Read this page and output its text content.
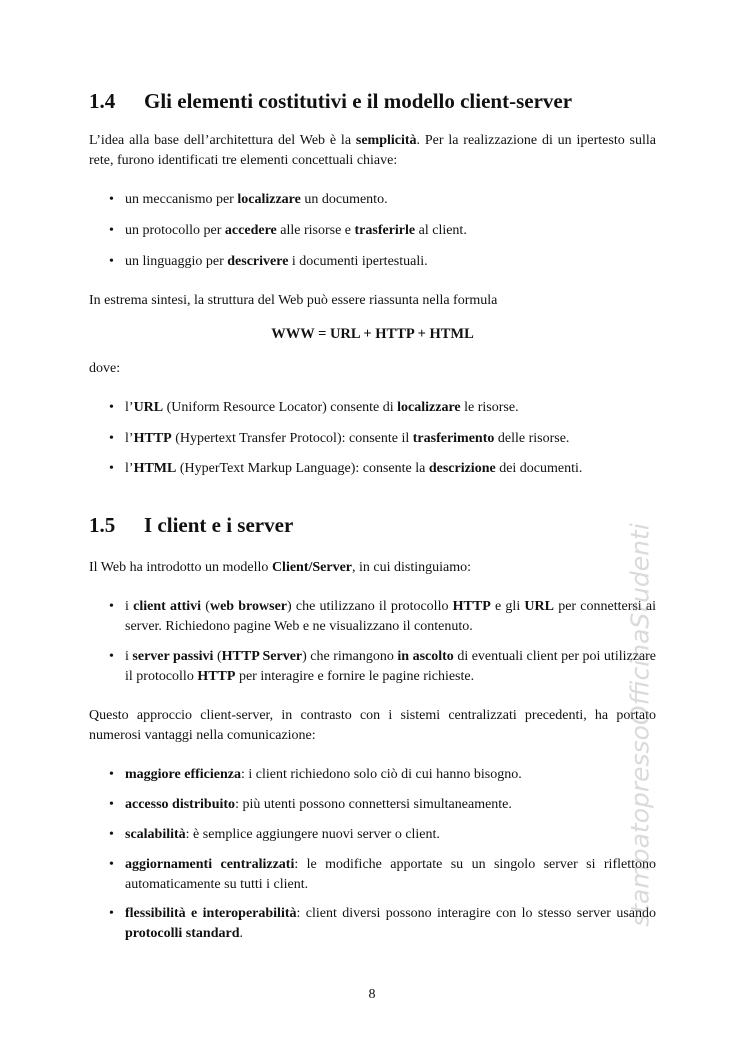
1.4 Gli elementi costitutivi e il modello client-server
L’idea alla base dell’architettura del Web è la semplicità. Per la realizzazione di un ipertesto sulla rete, furono identificati tre elementi concettuali chiave:
• un meccanismo per localizzare un documento.
• un protocollo per accedere alle risorse e trasferirle al client.
• un linguaggio per descrivere i documenti ipertestuali.
In estrema sintesi, la struttura del Web può essere riassunta nella formula
WWW = URL + HTTP + HTML
dove:
• l’URL (Uniform Resource Locator) consente di localizzare le risorse.
• l’HTTP (Hypertext Transfer Protocol): consente il trasferimento delle risorse.
• l’HTML (HyperText Markup Language): consente la descrizione dei documenti.
1.5 I client e i server
Il Web ha introdotto un modello Client/Server, in cui distinguiamo:
• i client attivi (web browser) che utilizzano il protocollo HTTP e gli URL per connettersi ai server. Richiedono pagine Web e ne visualizzano il contenuto.
• i server passivi (HTTP Server) che rimangono in ascolto di eventuali client per poi utilizzare il protocollo HTTP per interagire e fornire le pagine richieste.
Questo approccio client-server, in contrasto con i sistemi centralizzati precedenti, ha portato numerosi vantaggi nella comunicazione:
• maggiore efficienza: i client richiedono solo ciò di cui hanno bisogno.
• accesso distribuito: più utenti possono connettersi simultaneamente.
• scalabilità: è semplice aggiungere nuovi server o client.
• aggiornamenti centralizzati: le modifiche apportate su un singolo server si riflettono automaticamente su tutti i client.
• flessibilità e interoperabilità: client diversi possono interagire con lo stesso server usando protocolli standard.
8
stampatopressoOfficinaStudenti
